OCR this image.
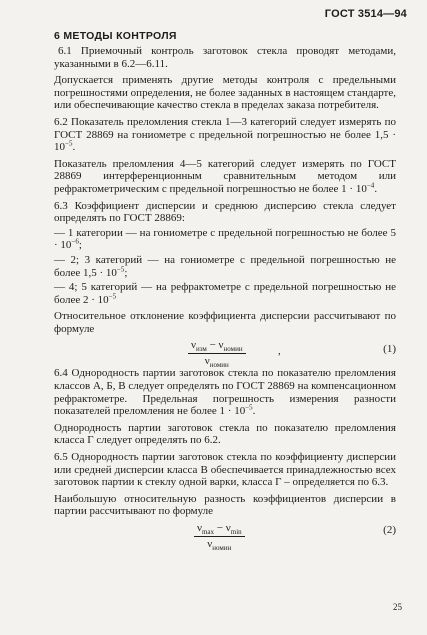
ГОСТ 3514—94
6 МЕТОДЫ КОНТРОЛЯ

6.1 Приемочный контроль заготовок стекла проводят методами, указанными в 6.2—6.11.

Допускается применять другие методы контроля с предельными погрешностями определения, не более заданных в настоящем стандарте, или обеспечивающие качество стекла в пределах заказа потребителя.

6.2 Показатель преломления стекла 1—3 категорий следует измерять по ГОСТ 28869 на гониометре с предельной погрешностью не более $1,5 \cdot 10^{-5}$.

Показатель преломления 4—5 категорий следует измерять по ГОСТ 28869 интерференционным сравнительным методом или рефрактометрическим с предельной погрешностью не более $1 \cdot 10^{-4}$.

6.3 Коэффициент дисперсии и среднюю дисперсию стекла следует определять по ГОСТ 28869:

— 1 категории — на гониометре с предельной погрешностью не более $5 \cdot 10^{-6}$;

— 2; 3 категорий — на гониометре с предельной погрешностью не более $1,5 \cdot 10^{-5}$;

— 4; 5 категорий — на рефрактометре с предельной погрешностью не более $2 \cdot 10^{-5}$

Относительное отклонение коэффициента дисперсии рассчитывают по формуле

$\nu_{изм} - \nu_{номин}$
$\nu_{номин}$
,	(1)

6.4 Однородность партии заготовок стекла по показателю преломления классов А, Б, В следует определять по ГОСТ 28869 на компенсационном рефрактометре. Предельная погрешность измерения разности показателей преломления не более $1 \cdot 10^{-5}$.

Однородность партии заготовок стекла по показателю преломления класса Г следует определять по 6.2.

6.5 Однородность партии заготовок стекла по коэффициенту дисперсии или средней дисперсии класса В обеспечивается принадлежностью всех заготовок партии к стеклу одной варки, класса Г – определяется по 6.3.

Наибольшую относительную разность коэффициентов дисперсии в партии рассчитывают по формуле

$\nu_{max} - \nu_{min}$
$\nu_{номин}$
(2)
25
